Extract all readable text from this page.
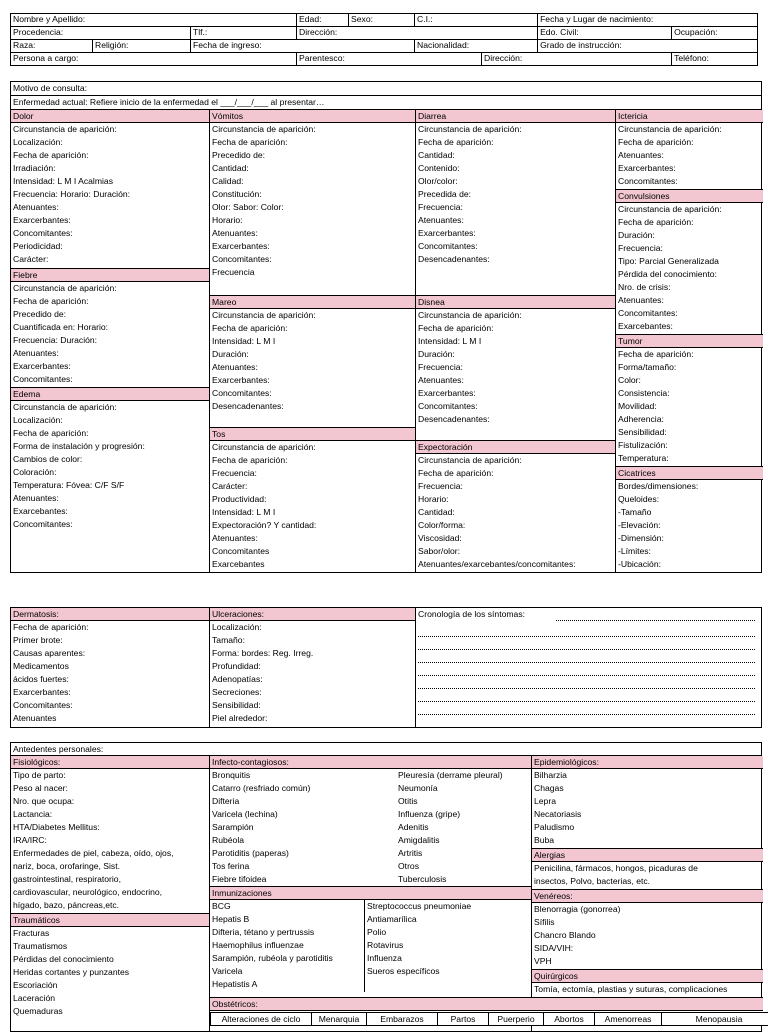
Nombre y Apellido:			Edad:	Sexo:	C.I.:		Fecha y Lugar de nacimiento:	
Procedencia:		Tlf.:	Dirección:				Edo. Civil:	Ocupación:
Raza:	Religión:	Fecha de ingreso:			Nacionalidad:		Grado de instrucción:	
Persona a cargo:			Parentesco:			Dirección:		Teléfono:
Motivo de consulta:
Enfermedad actual: Refiere inicio de la enfermedad el ___/___/___ al presentar…
Dolor
Circunstancia de aparición:
Localización:
Fecha de aparición:
Irradiación:
Intensidad: L M I Acalmias
Frecuencia: Horario: Duración:
Atenuantes:
Exarcerbantes:
Concomitantes:
Periodicidad:
Carácter:
Fiebre
Circunstancia de aparición:
Fecha de aparición:
Precedido de:
Cuantificada en: Horario:
Frecuencia: Duración:
Atenuantes:
Exarcerbantes:
Concomitantes:
Edema
Circunstancia de aparición:
Localización:
Fecha de aparición:
Forma de instalación y progresión:
Cambios de color:
Coloración:
Temperatura: Fóvea: C/F S/F
Atenuantes:
Exarcebantes:
Concomitantes:
Vómitos
Circunstancia de aparición:
Fecha de aparición:
Precedido de:
Cantidad:
Calidad:
Constitución:
Olor: Sabor: Color:
Horario:
Atenuantes:
Exarcerbantes:
Concomitantes:
Frecuencia
Mareo
Circunstancia de aparición:
Fecha de aparición:
Intensidad: L M I
Duración:
Atenuantes:
Exarcerbantes:
Concomitantes:
Desencadenantes:
Tos
Circunstancia de aparición:
Fecha de aparición:
Frecuencia:
Carácter:
Productividad:
Intensidad: L M I
Expectoración? Y cantidad:
Atenuantes:
Concomitantes
Exarcebantes
Diarrea
Circunstancia de aparición:
Fecha de aparición:
Cantidad:
Contenido:
Olor/color:
Precedida de:
Frecuencia:
Atenuantes:
Exarcerbantes:
Concomitantes:
Desencadenantes:
Disnea
Circunstancia de aparición:
Fecha de aparición:
Intensidad: L M I
Duración:
Frecuencia:
Atenuantes:
Exarcerbantes:
Concomitantes:
Desencadenantes:
Expectoración
Circunstancia de aparición:
Fecha de aparición:
Frecuencia:
Horario:
Cantidad:
Color/forma:
Viscosidad:
Sabor/olor:
Atenuantes/exarcebantes/concomitantes:
Ictericia
Circunstancia de aparición:
Fecha de aparición:
Atenuantes:
Exarcerbantes:
Concomitantes:
Convulsiones
Circunstancia de aparición:
Fecha de aparición:
Duración:
Frecuencia:
Tipo: Parcial Generalizada
Pérdida del conocimiento:
Nro. de crisis:
Atenuantes:
Concomitantes:
Exarcebantes:
Tumor
Fecha de aparición:
Forma/tamaño:
Color:
Consistencia:
Movilidad:
Adherencia:
Sensibilidad:
Fistulización:
Temperatura:
Cicatrices
Bordes/dimensiones:
Queloides:
-Tamaño
-Elevación:
-Dimensión:
-Límites:
-Ubicación:
Dermatosis:
Fecha de aparición:
Primer brote:
Causas aparentes:
Medicamentos
ácidos fuertes:
Exarcerbantes:
Concomitantes:
Atenuantes
Ulceraciones:
Localización:
Tamaño:
Forma: bordes: Reg. Irreg.
Profundidad:
Adenopatías:
Secreciones:
Sensibilidad:
Piel alrededor:
Cronología de los síntomas:
Antedentes personales:
Fisiológicos:
Tipo de parto:
Peso al nacer:
Nro. que ocupa:
Lactancia:
HTA/Diabetes Mellitus:
IRA/IRC:
Enfermedades de piel, cabeza, oído, ojos,
nariz, boca, orofaringe, Sist.
gastrointestinal, respiratorio,
cardiovascular, neurológico, endocrino,
hígado, bazo, páncreas,etc.
Traumáticos
Fracturas
Traumatismos
Pérdidas del conocimiento
Heridas cortantes y punzantes
Escoriación
Laceración
Quemaduras
Infecto-contagiosos:
Bronquitis
Catarro (resfriado común)
Difteria
Varicela (lechina)
Sarampión
Rubéola
Parotiditis (paperas)
Tos ferina
Fiebre tifoidea
Pleuresía (derrame pleural)
Neumonía
Otitis
Influenza (gripe)
Adenitis
Amigdalitis
Artritis
Otros
Tuberculosis
Inmunizaciones
BCG
Hepatis B
Difteria, tétano y pertrussis
Haemophilus influenzae
Sarampión, rubéola y parotiditis
Varicela
Hepatistis A
Streptococcus pneumoniae
Antiamarílica
Polio
Rotavirus
Influenza
Sueros específicos
Epidemiológicos:
Bilharzia
Chagas
Lepra
Necatoriasis
Paludismo
Buba
Alergias
Penicilina, fármacos, hongos, picaduras de
insectos, Polvo, bacterias, etc.
Venéreos:
Blenorragia (gonorrea)
Sífilis
Chancro Blando
SIDA/VIH:
VPH
Quirúrgicos
Tomía, ectomía, plastias y suturas, complicaciones
Obstétricos:
Alteraciones de ciclo	Menarquia	Embarazos	Partos	Puerperio	Abortos	Amenorreas	Menopausia
